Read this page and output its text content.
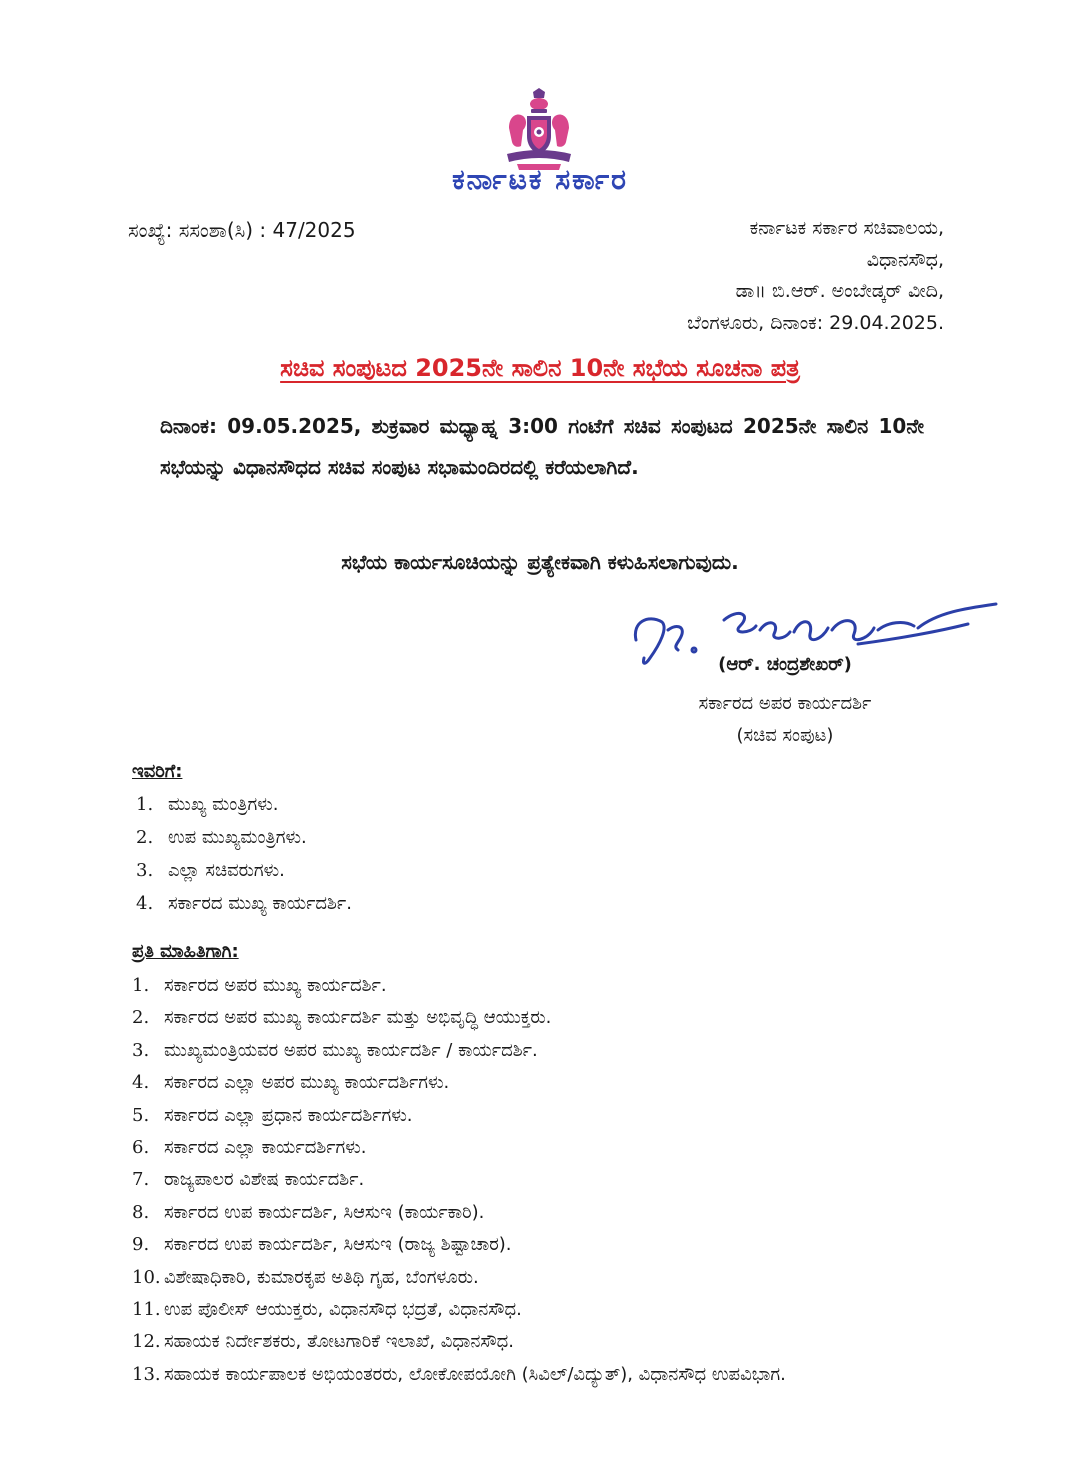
ಕರ್ನಾಟಕ ಸರ್ಕಾರ
ಸಂಖ್ಯೆ: ಸಸಂಶಾ(ಸಿ) : 47/2025	ಕರ್ನಾಟಕ ಸರ್ಕಾರ ಸಚಿವಾಲಯ,
ವಿಧಾನಸೌಧ,
ಡಾ॥ ಬಿ.ಆರ್. ಅಂಬೇಡ್ಕರ್ ವೀದಿ,
ಬೆಂಗಳೂರು, ದಿನಾಂಕ: 29.04.2025.
ಸಚಿವ ಸಂಪುಟದ 2025ನೇ ಸಾಲಿನ 10ನೇ ಸಭೆಯ ಸೂಚನಾ ಪತ್ರ
ದಿನಾಂಕ: 09.05.2025, ಶುಕ್ರವಾರ ಮಧ್ಯಾಹ್ನ 3:00 ಗಂಟೆಗೆ ಸಚಿವ ಸಂಪುಟದ 2025ನೇ ಸಾಲಿನ 10ನೇ ಸಭೆಯನ್ನು ವಿಧಾನಸೌಧದ ಸಚಿವ ಸಂಪುಟ ಸಭಾಮಂದಿರದಲ್ಲಿ ಕರೆಯಲಾಗಿದೆ.
ಸಭೆಯ ಕಾರ್ಯಸೂಚಿಯನ್ನು ಪ್ರತ್ಯೇಕವಾಗಿ ಕಳುಹಿಸಲಾಗುವುದು.
(ಆರ್. ಚಂದ್ರಶೇಖರ್)
ಸರ್ಕಾರದ ಅಪರ ಕಾರ್ಯದರ್ಶಿ
(ಸಚಿವ ಸಂಪುಟ)
ಇವರಿಗೆ:
1. ಮುಖ್ಯ ಮಂತ್ರಿಗಳು.
2. ಉಪ ಮುಖ್ಯಮಂತ್ರಿಗಳು.
3. ಎಲ್ಲಾ ಸಚಿವರುಗಳು.
4. ಸರ್ಕಾರದ ಮುಖ್ಯ ಕಾರ್ಯದರ್ಶಿ.
ಪ್ರತಿ ಮಾಹಿತಿಗಾಗಿ:
1. ಸರ್ಕಾರದ ಅಪರ ಮುಖ್ಯ ಕಾರ್ಯದರ್ಶಿ.
2. ಸರ್ಕಾರದ ಅಪರ ಮುಖ್ಯ ಕಾರ್ಯದರ್ಶಿ ಮತ್ತು ಅಭಿವೃದ್ಧಿ ಆಯುಕ್ತರು.
3. ಮುಖ್ಯಮಂತ್ರಿಯವರ ಅಪರ ಮುಖ್ಯ ಕಾರ್ಯದರ್ಶಿ / ಕಾರ್ಯದರ್ಶಿ.
4. ಸರ್ಕಾರದ ಎಲ್ಲಾ ಅಪರ ಮುಖ್ಯ ಕಾರ್ಯದರ್ಶಿಗಳು.
5. ಸರ್ಕಾರದ ಎಲ್ಲಾ ಪ್ರಧಾನ ಕಾರ್ಯದರ್ಶಿಗಳು.
6. ಸರ್ಕಾರದ ಎಲ್ಲಾ ಕಾರ್ಯದರ್ಶಿಗಳು.
7. ರಾಜ್ಯಪಾಲರ ವಿಶೇಷ ಕಾರ್ಯದರ್ಶಿ.
8. ಸರ್ಕಾರದ ಉಪ ಕಾರ್ಯದರ್ಶಿ, ಸಿಆಸುಇ (ಕಾರ್ಯಕಾರಿ).
9. ಸರ್ಕಾರದ ಉಪ ಕಾರ್ಯದರ್ಶಿ, ಸಿಆಸುಇ (ರಾಜ್ಯ ಶಿಷ್ಟಾಚಾರ).
10. ವಿಶೇಷಾಧಿಕಾರಿ, ಕುಮಾರಕೃಪ ಅತಿಥಿ ಗೃಹ, ಬೆಂಗಳೂರು.
11. ಉಪ ಪೊಲೀಸ್ ಆಯುಕ್ತರು, ವಿಧಾನಸೌಧ ಭದ್ರತೆ, ವಿಧಾನಸೌಧ.
12. ಸಹಾಯಕ ನಿರ್ದೇಶಕರು, ತೋಟಗಾರಿಕೆ ಇಲಾಖೆ, ವಿಧಾನಸೌಧ.
13. ಸಹಾಯಕ ಕಾರ್ಯಪಾಲಕ ಅಭಿಯಂತರರು, ಲೋಕೋಪಯೋಗಿ (ಸಿವಿಲ್/ವಿದ್ಯುತ್), ವಿಧಾನಸೌಧ ಉಪವಿಭಾಗ.
